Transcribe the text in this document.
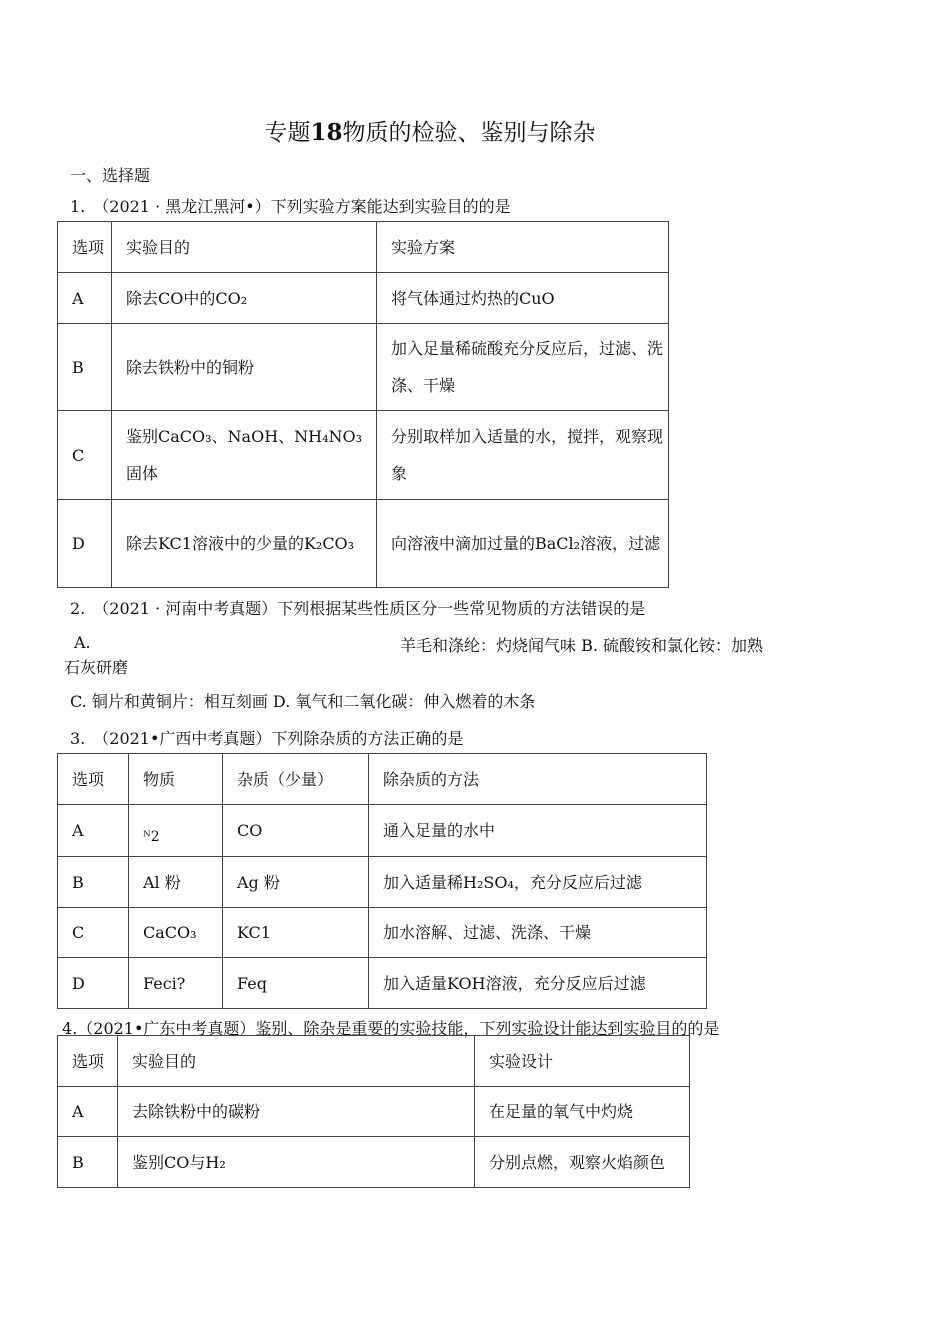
专题18物质的检验、鉴别与除杂
一、选择题
1.　（2021 · 黑龙江黑河•）下列实验方案能达到实验目的的是
选项	实验目的	实验方案
A	除去CO中的CO₂	将气体通过灼热的CuO
B	除去铁粉中的铜粉	加入足量稀硫酸充分反应后，过滤、洗涤、干燥
C	鉴别CaCO₃、NaOH、NH₄NO₃固体	分别取样加入适量的水，搅拌，观察现象
D	除去KC1溶液中的少量的K₂CO₃	向溶液中滴加过量的BaCl₂溶液，过滤
2.　（2021 · 河南中考真题）下列根据某些性质区分一些常见物质的方法错误的是
A.	羊毛和涤纶：灼烧闻气味 B. 硫酸铵和氯化铵：加熟
石灰研磨
C. 铜片和黄铜片：相互刻画 D. 氧气和二氧化碳：伸入燃着的木条
3.　（2021•广西中考真题）下列除杂质的方法正确的是
选项	物质	杂质（少量）	除杂质的方法
A	ᴺ2	CO	通入足量的水中
B	Al 粉	Ag 粉	加入适量稀H₂SO₄，充分反应后过滤
C	CaCO₃	KC1	加水溶解、过滤、洗涤、干燥
D	Feci?	Feq	加入适量KOH溶液，充分反应后过滤
4.（2021•广东中考真题）鉴别、除杂是重要的实验技能，下列实验设计能达到实验目的的是
选项	实验目的	实验设计
A	去除铁粉中的碳粉	在足量的氧气中灼烧
B	鉴别CO与H₂	分别点燃，观察火焰颜色
